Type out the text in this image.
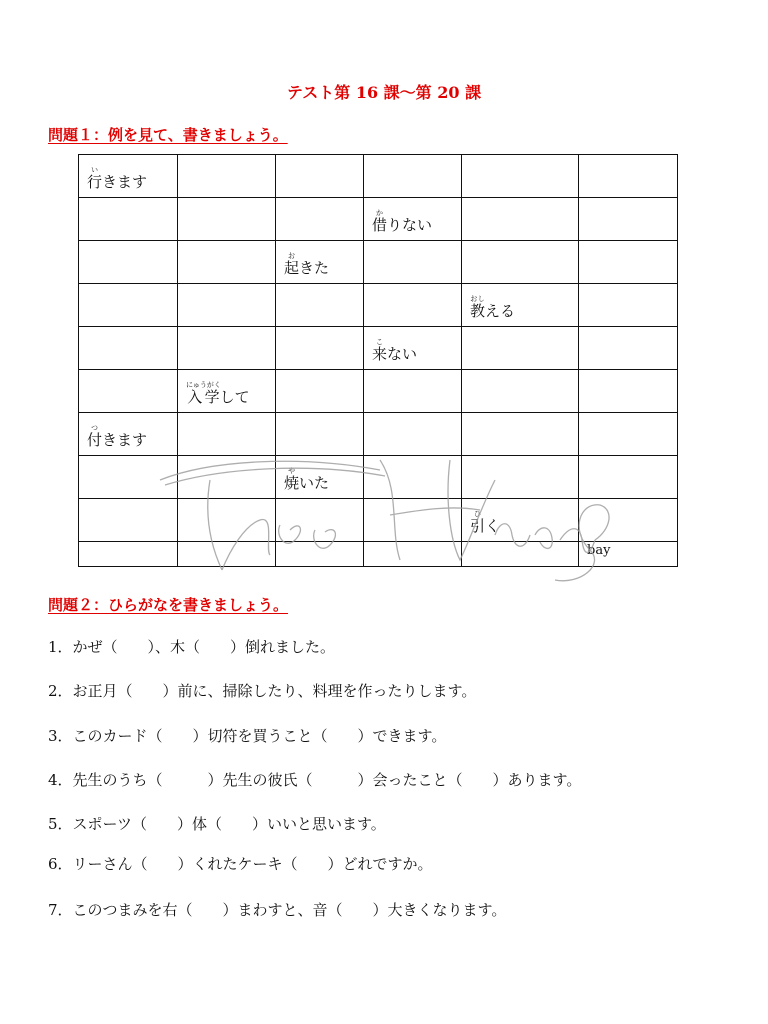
テスト第 16 課〜第 20 課
問題１：例を見て、書きましょう。
行いきます					
			借かりない		
		起おきた			
				教おしえる	
			来こない		
	入学にゅうがくして				
付つきます					
		焼やいた			
				引ひく	
					bay
問題２：ひらがなを書きましょう。
1．かぜ（　　）、木（　　）倒れました。
2．お正月（　　）前に、掃除したり、料理を作ったりします。
3．このカード（　　）切符を買うこと（　　）できます。
4．先生のうち（　　　）先生の彼氏（　　　）会ったこと（　　）あります。
5．スポーツ（　　）体（　　）いいと思います。
6．リーさん（　　）くれたケーキ（　　）どれですか。
7．このつまみを右（　　）まわすと、音（　　）大きくなります。
